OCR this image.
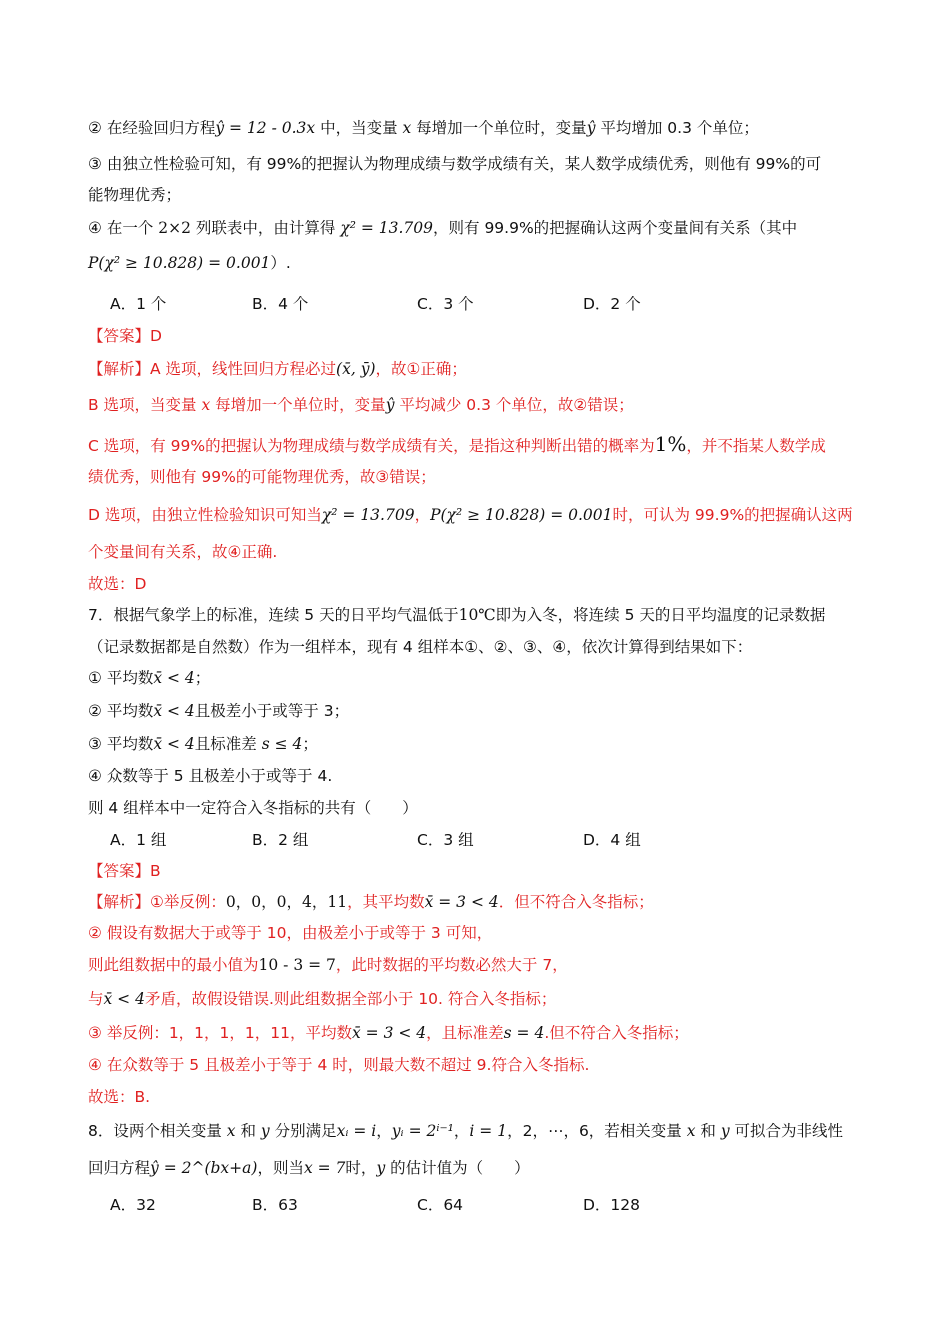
② 在经验回归方程ŷ = 12 - 0.3x 中，当变量 x 每增加一个单位时，变量ŷ 平均增加 0.3 个单位；
③ 由独立性检验可知，有 99%的把握认为物理成绩与数学成绩有关，某人数学成绩优秀，则他有 99%的可
能物理优秀；
④ 在一个 2×2 列联表中，由计算得 χ² = 13.709，则有 99.9%的把握确认这两个变量间有关系（其中
P(χ² ≥ 10.828) = 0.001）.
A．1 个	B．4 个	C．3 个	D．2 个
【答案】D
【解析】A 选项，线性回归方程必过(x̄, ȳ)，故①正确；
B 选项，当变量 x 每增加一个单位时，变量ŷ 平均减少 0.3 个单位，故②错误；
C 选项，有 99%的把握认为物理成绩与数学成绩有关，是指这种判断出错的概率为1%，并不指某人数学成
绩优秀，则他有 99%的可能物理优秀，故③错误；
D 选项，由独立性检验知识可知当χ² = 13.709，P(χ² ≥ 10.828) = 0.001时，可认为 99.9%的把握确认这两
个变量间有关系，故④正确.
故选：D
7．根据气象学上的标准，连续 5 天的日平均气温低于10℃即为入冬，将连续 5 天的日平均温度的记录数据
（记录数据都是自然数）作为一组样本，现有 4 组样本①、②、③、④，依次计算得到结果如下：
① 平均数x̄ < 4；
② 平均数x̄ < 4且极差小于或等于 3；
③ 平均数x̄ < 4且标准差 s ≤ 4；
④ 众数等于 5 且极差小于或等于 4.
则 4 组样本中一定符合入冬指标的共有（　　）
A．1 组	B．2 组	C．3 组	D．4 组
【答案】B
【解析】①举反例：0，0，0，4，11，其平均数x̄ = 3 < 4．但不符合入冬指标；
② 假设有数据大于或等于 10，由极差小于或等于 3 可知，
则此组数据中的最小值为10 - 3 = 7，此时数据的平均数必然大于 7，
与x̄ < 4矛盾，故假设错误.则此组数据全部小于 10. 符合入冬指标；
③ 举反例：1，1，1，1，11，平均数x̄ = 3 < 4，且标准差s = 4.但不符合入冬指标；
④ 在众数等于 5 且极差小于等于 4 时，则最大数不超过 9.符合入冬指标.
故选：B.
8．设两个相关变量 x 和 y 分别满足xᵢ = i，yᵢ = 2ⁱ⁻¹，i = 1，2，⋯，6，若相关变量 x 和 y 可拟合为非线性
回归方程ŷ = 2^(bx+a)，则当x = 7时，y 的估计值为（　　）
A．32	B．63	C．64	D．128
